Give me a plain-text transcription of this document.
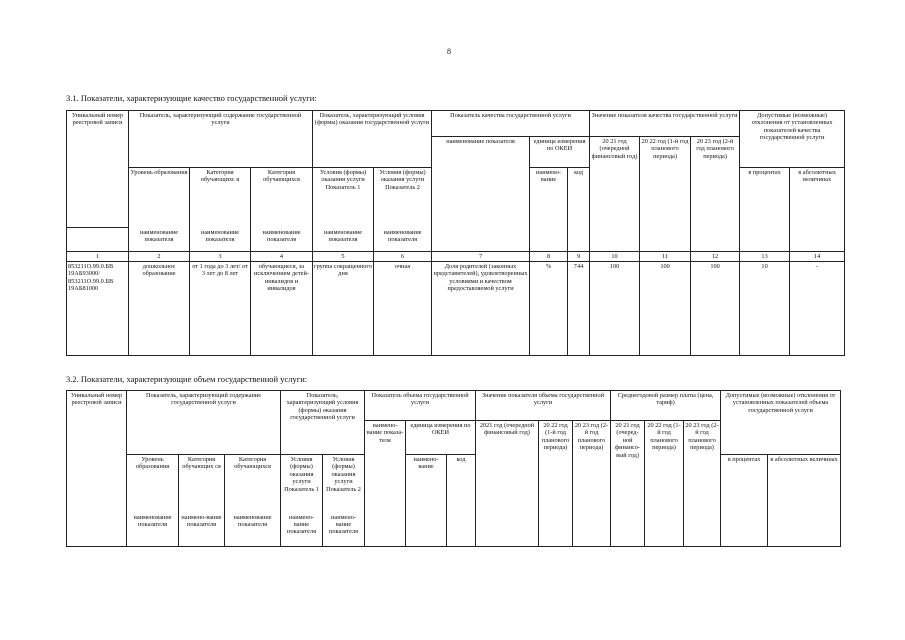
8
3.1. Показатели, характеризующие качество государственной услуги:
Уникальный номер реестровой записи	Показатель, характеризующий содержание государственной услуги			Показатель, характеризующий условия (формы) оказания государственной услуги		Показатель качества государственной услуги			Значение показателя качества государственной услуги			Допустимые (возможные) отклонения от установленных показателей качества государственной услуги	
						наименование показателя	единица измерения по ОКЕИ		20 21 год (очередной финансовый год)	20 22 год (1-й год планового периода)	20 23 год (2-й год планового периода)		
	Уровень образования	Категория обучающихс я	Категория обучающихся	Условия (формы) оказания услуги Показатель 1	Условия (формы) оказания услуги Показатель 2		наимено-вание	код				в процентах	в абсолютных величинах
	наименование показателя	наименование показателя	наименование показателя	наименование показателя	наименование показателя								
1	2	3	4	5	6	7	8	9	10	11	12	13	14
853211О.99.0.БВ 19АБ93000/ 853211О.99.0.БВ 19АБ81000	дошкольное образование	от 1 года до 3 лет/ от 3 лет до 8 лет	обучающиеся, за исключением детей-инвалидов и инвалидов	группа сокращенного дня	очная	Доля родителей (законных представителей), удовлетворенных условиями и качеством предоставляемой услуги	%	744	100	100	100	10	-
3.2. Показатели, характеризующие объем государственной услуги:
Уникальный номер реестровой записи	Показатель, характеризующий содержание государственной услуги			Показатель, характеризующий условия (формы) оказания государственной услуги		Показатель объема государственной услуги			Значение показателя объема государственной услуги			Среднегодовой размер платы (цена, тариф)			Допустимые (возможные) отклонения от установленных показателей объема государственной услуги	
						наимено-вание показа-теля	единица измерения по ОКЕИ		2021 год (очередной финансовый год)	20 22 год (1-й год планового периода)	20 23 год (2-й год планового периода)	20 21 год (очеред-ной финансо-вый год)	20 22 год (1-й год планового периода)	20 23 год (2-й год планового периода)		
	Уровень образования	Категория обучающих ся	Категория обучающихся	Условия (формы) оказания услуги Показатель 1	Условия (формы) оказания услуги Показатель 2		наимено-вание	код							в процентах	в абсолютных величинах
	наименование показателя	наимено-вание показателя	наименование показателя	наимено-вание показателя	наимено-вание показателя											
